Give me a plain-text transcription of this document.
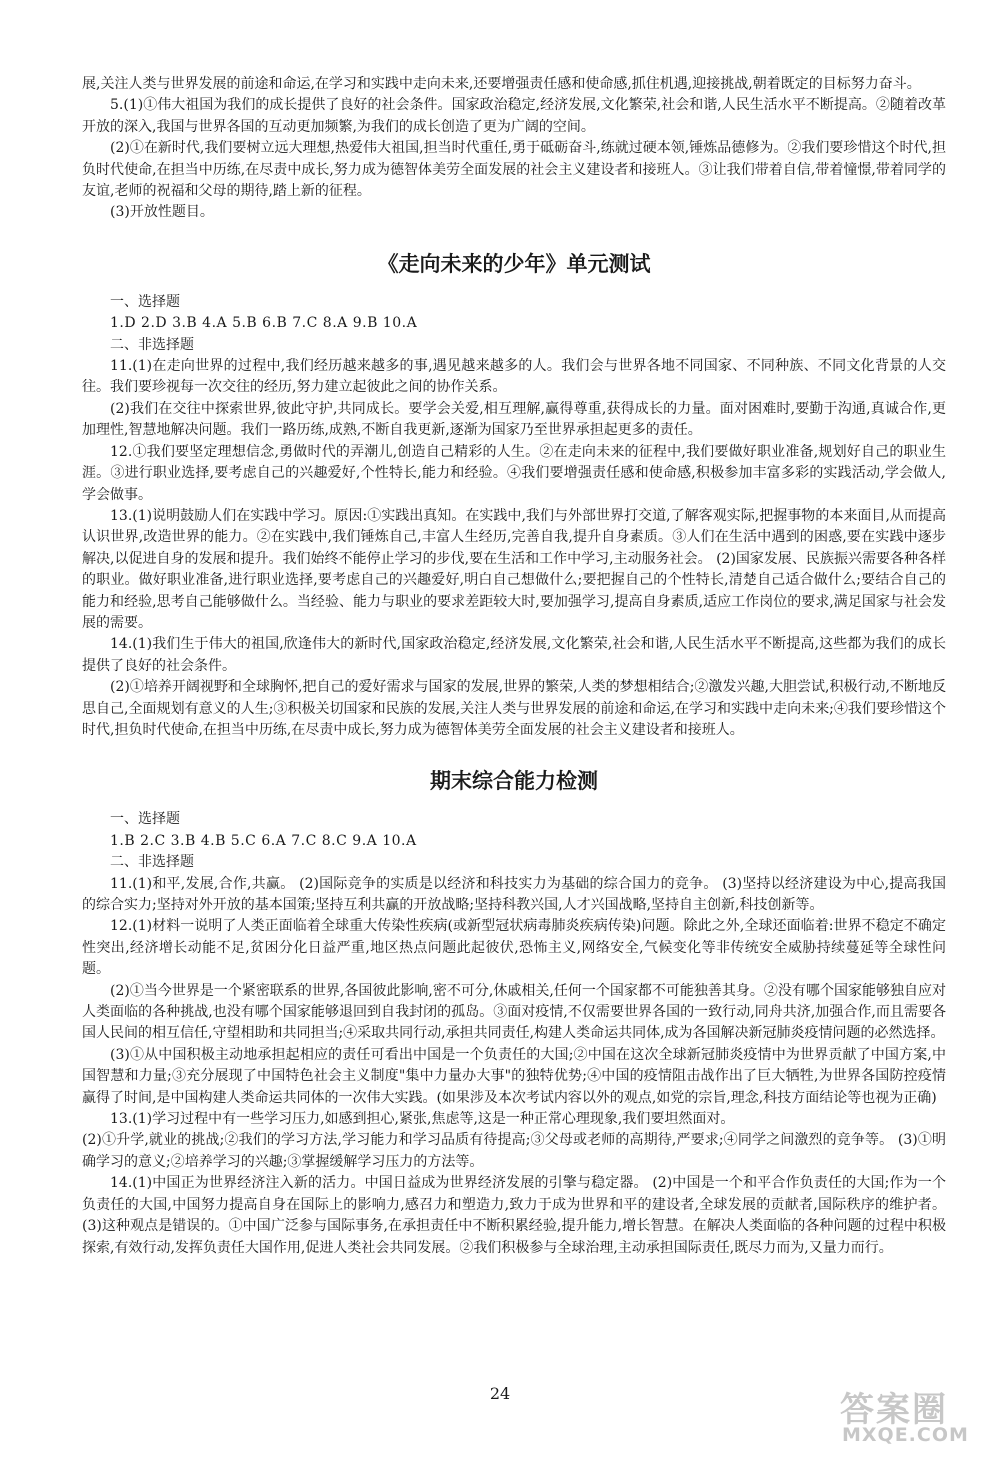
展,关注人类与世界发展的前途和命运,在学习和实践中走向未来,还要增强责任感和使命感,抓住机遇,迎接挑战,朝着既定的目标努力奋斗。

5.(1)①伟大祖国为我们的成长提供了良好的社会条件。国家政治稳定,经济发展,文化繁荣,社会和谐,人民生活水平不断提高。②随着改革开放的深入,我国与世界各国的互动更加频繁,为我们的成长创造了更为广阔的空间。

(2)①在新时代,我们要树立远大理想,热爱伟大祖国,担当时代重任,勇于砥砺奋斗,练就过硬本领,锤炼品德修为。②我们要珍惜这个时代,担负时代使命,在担当中历练,在尽责中成长,努力成为德智体美劳全面发展的社会主义建设者和接班人。③让我们带着自信,带着憧憬,带着同学的友谊,老师的祝福和父母的期待,踏上新的征程。

(3)开放性题目。

《走向未来的少年》单元测试

一、选择题

1.D 2.D 3.B 4.A 5.B 6.B 7.C 8.A 9.B 10.A

二、非选择题

11.(1)在走向世界的过程中,我们经历越来越多的事,遇见越来越多的人。我们会与世界各地不同国家、不同种族、不同文化背景的人交往。我们要珍视每一次交往的经历,努力建立起彼此之间的协作关系。

(2)我们在交往中探索世界,彼此守护,共同成长。要学会关爱,相互理解,赢得尊重,获得成长的力量。面对困难时,要勤于沟通,真诚合作,更加理性,智慧地解决问题。我们一路历练,成熟,不断自我更新,逐渐为国家乃至世界承担起更多的责任。

12.①我们要坚定理想信念,勇做时代的弄潮儿,创造自己精彩的人生。②在走向未来的征程中,我们要做好职业准备,规划好自己的职业生涯。③进行职业选择,要考虑自己的兴趣爱好,个性特长,能力和经验。④我们要增强责任感和使命感,积极参加丰富多彩的实践活动,学会做人,学会做事。

13.(1)说明鼓励人们在实践中学习。原因:①实践出真知。在实践中,我们与外部世界打交道,了解客观实际,把握事物的本来面目,从而提高认识世界,改造世界的能力。②在实践中,我们锤炼自己,丰富人生经历,完善自我,提升自身素质。③人们在生活中遇到的困惑,要在实践中逐步解决,以促进自身的发展和提升。我们始终不能停止学习的步伐,要在生活和工作中学习,主动服务社会。 (2)国家发展、民族振兴需要各种各样的职业。做好职业准备,进行职业选择,要考虑自己的兴趣爱好,明白自己想做什么;要把握自己的个性特长,清楚自己适合做什么;要结合自己的能力和经验,思考自己能够做什么。当经验、能力与职业的要求差距较大时,要加强学习,提高自身素质,适应工作岗位的要求,满足国家与社会发展的需要。

14.(1)我们生于伟大的祖国,欣逢伟大的新时代,国家政治稳定,经济发展,文化繁荣,社会和谐,人民生活水平不断提高,这些都为我们的成长提供了良好的社会条件。

(2)①培养开阔视野和全球胸怀,把自己的爱好需求与国家的发展,世界的繁荣,人类的梦想相结合;②激发兴趣,大胆尝试,积极行动,不断地反思自己,全面规划有意义的人生;③积极关切国家和民族的发展,关注人类与世界发展的前途和命运,在学习和实践中走向未来;④我们要珍惜这个时代,担负时代使命,在担当中历练,在尽责中成长,努力成为德智体美劳全面发展的社会主义建设者和接班人。

期末综合能力检测

一、选择题

1.B 2.C 3.B 4.B 5.C 6.A 7.C 8.C 9.A 10.A

二、非选择题

11.(1)和平,发展,合作,共赢。 (2)国际竞争的实质是以经济和科技实力为基础的综合国力的竞争。 (3)坚持以经济建设为中心,提高我国的综合实力;坚持对外开放的基本国策;坚持互利共赢的开放战略;坚持科教兴国,人才兴国战略,坚持自主创新,科技创新等。

12.(1)材料一说明了人类正面临着全球重大传染性疾病(或新型冠状病毒肺炎疾病传染)问题。除此之外,全球还面临着:世界不稳定不确定性突出,经济增长动能不足,贫困分化日益严重,地区热点问题此起彼伏,恐怖主义,网络安全,气候变化等非传统安全威胁持续蔓延等全球性问题。

(2)①当今世界是一个紧密联系的世界,各国彼此影响,密不可分,休戚相关,任何一个国家都不可能独善其身。②没有哪个国家能够独自应对人类面临的各种挑战,也没有哪个国家能够退回到自我封闭的孤岛。③面对疫情,不仅需要世界各国的一致行动,同舟共济,加强合作,而且需要各国人民间的相互信任,守望相助和共同担当;④采取共同行动,承担共同责任,构建人类命运共同体,成为各国解决新冠肺炎疫情问题的必然选择。

(3)①从中国积极主动地承担起相应的责任可看出中国是一个负责任的大国;②中国在这次全球新冠肺炎疫情中为世界贡献了中国方案,中国智慧和力量;③充分展现了中国特色社会主义制度"集中力量办大事"的独特优势;④中国的疫情阻击战作出了巨大牺牲,为世界各国防控疫情赢得了时间,是中国构建人类命运共同体的一次伟大实践。(如果涉及本次考试内容以外的观点,如党的宗旨,理念,科技方面结论等也视为正确)

13.(1)学习过程中有一些学习压力,如感到担心,紧张,焦虑等,这是一种正常心理现象,我们要坦然面对。

(2)①升学,就业的挑战;②我们的学习方法,学习能力和学习品质有待提高;③父母或老师的高期待,严要求;④同学之间激烈的竞争等。 (3)①明确学习的意义;②培养学习的兴趣;③掌握缓解学习压力的方法等。

14.(1)中国正为世界经济注入新的活力。中国日益成为世界经济发展的引擎与稳定器。 (2)中国是一个和平合作负责任的大国;作为一个负责任的大国,中国努力提高自身在国际上的影响力,感召力和塑造力,致力于成为世界和平的建设者,全球发展的贡献者,国际秩序的维护者。 (3)这种观点是错误的。①中国广泛参与国际事务,在承担责任中不断积累经验,提升能力,增长智慧。在解决人类面临的各种问题的过程中积极探索,有效行动,发挥负责任大国作用,促进人类社会共同发展。②我们积极参与全球治理,主动承担国际责任,既尽力而为,又量力而行。

24	答案圈
MXQE.COM
